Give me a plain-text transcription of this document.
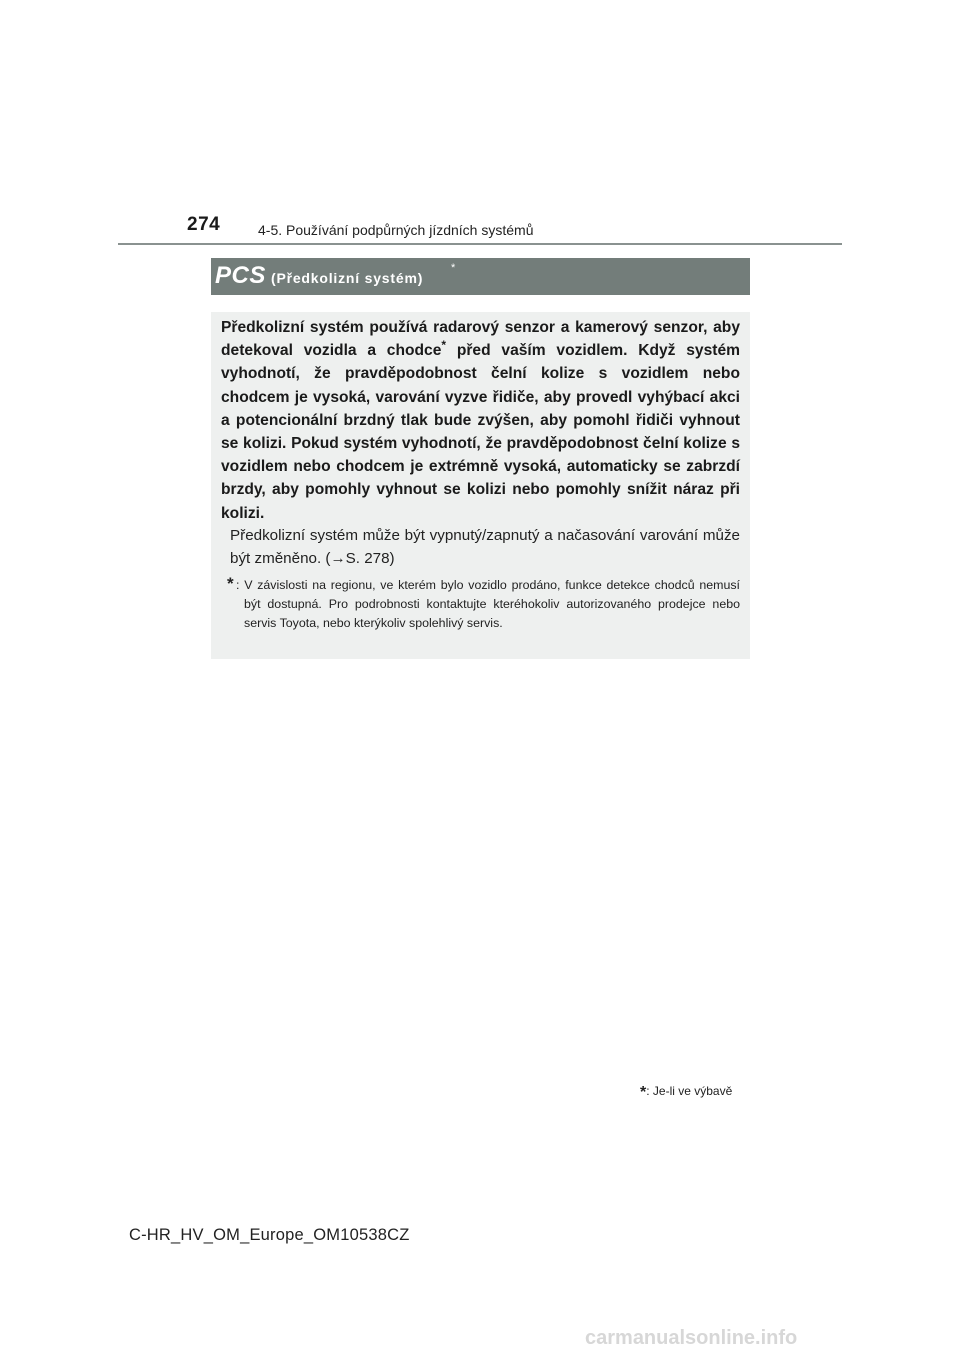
274	4-5. Používání podpůrných jízdních systémů
PCS (Předkolizní systém)
*

Předkolizní systém používá radarový senzor a kamerový senzor, aby detekoval vozidla a chodce* před vaším vozidlem. Když systém vyhodnotí, že pravděpodobnost čelní kolize s vozidlem nebo chodcem je vysoká, varování vyzve řidiče, aby provedl vyhýbací akci a potencionální brzdný tlak bude zvýšen, aby pomohl řidiči vyhnout se kolizi. Pokud systém vyhodnotí, že pravděpodobnost čelní kolize s vozidlem nebo chodcem je extrémně vysoká, automaticky se zabrzdí brzdy, aby pomohly vyhnout se kolizi nebo pomohly snížit náraz při kolizi.

Předkolizní systém může být vypnutý/zapnutý a načasování varování může být změněno. (→S. 278)

* : V závislosti na regionu, ve kterém bylo vozidlo prodáno, funkce detekce chodců nemusí být dostupná. Pro podrobnosti kontaktujte kteréhokoliv autorizovaného prodejce nebo servis Toyota, nebo kterýkoliv spolehlivý servis.
*: Je-li ve výbavě
C-HR_HV_OM_Europe_OM10538CZ
carmanualsonline.info
